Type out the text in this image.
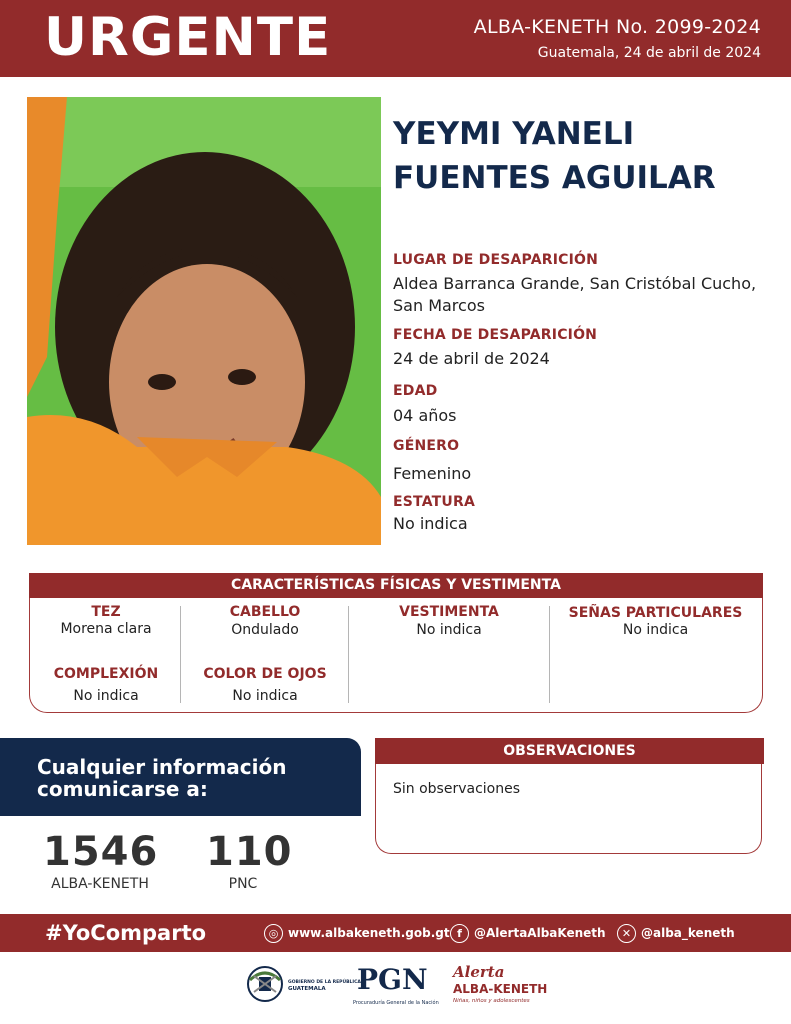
URGENTE	ALBA-KENETH No. 2099-2024
Guatemala, 24 de abril de 2024
YEYMI YANELI
FUENTES AGUILAR
LUGAR DE DESAPARICIÓN
Aldea Barranca Grande, San Cristóbal Cucho,
San Marcos
FECHA DE DESAPARICIÓN
24 de abril de 2024
EDAD
04 años
GÉNERO
Femenino
ESTATURA
No indica
CARACTERÍSTICAS FÍSICAS Y VESTIMENTA
TEZ
Morena clara
CABELLO
Ondulado
VESTIMENTA
No indica
SEÑAS PARTICULARES
No indica
COMPLEXIÓN
No indica
COLOR DE OJOS
No indica
Cualquier información
comunicarse a:
1546
ALBA-KENETH
110
PNC
OBSERVACIONES
Sin observaciones
#YoComparto	◎ www.albakeneth.gob.gt f	@AlertaAlbaKeneth	✕ @alba_keneth
GOBIERNO DE LA REPÚBLICA
GUATEMALA	PGN
Procuraduría General de la Nación
Alerta
ALBA-KENETH
Niñas, niños y adolescentes
